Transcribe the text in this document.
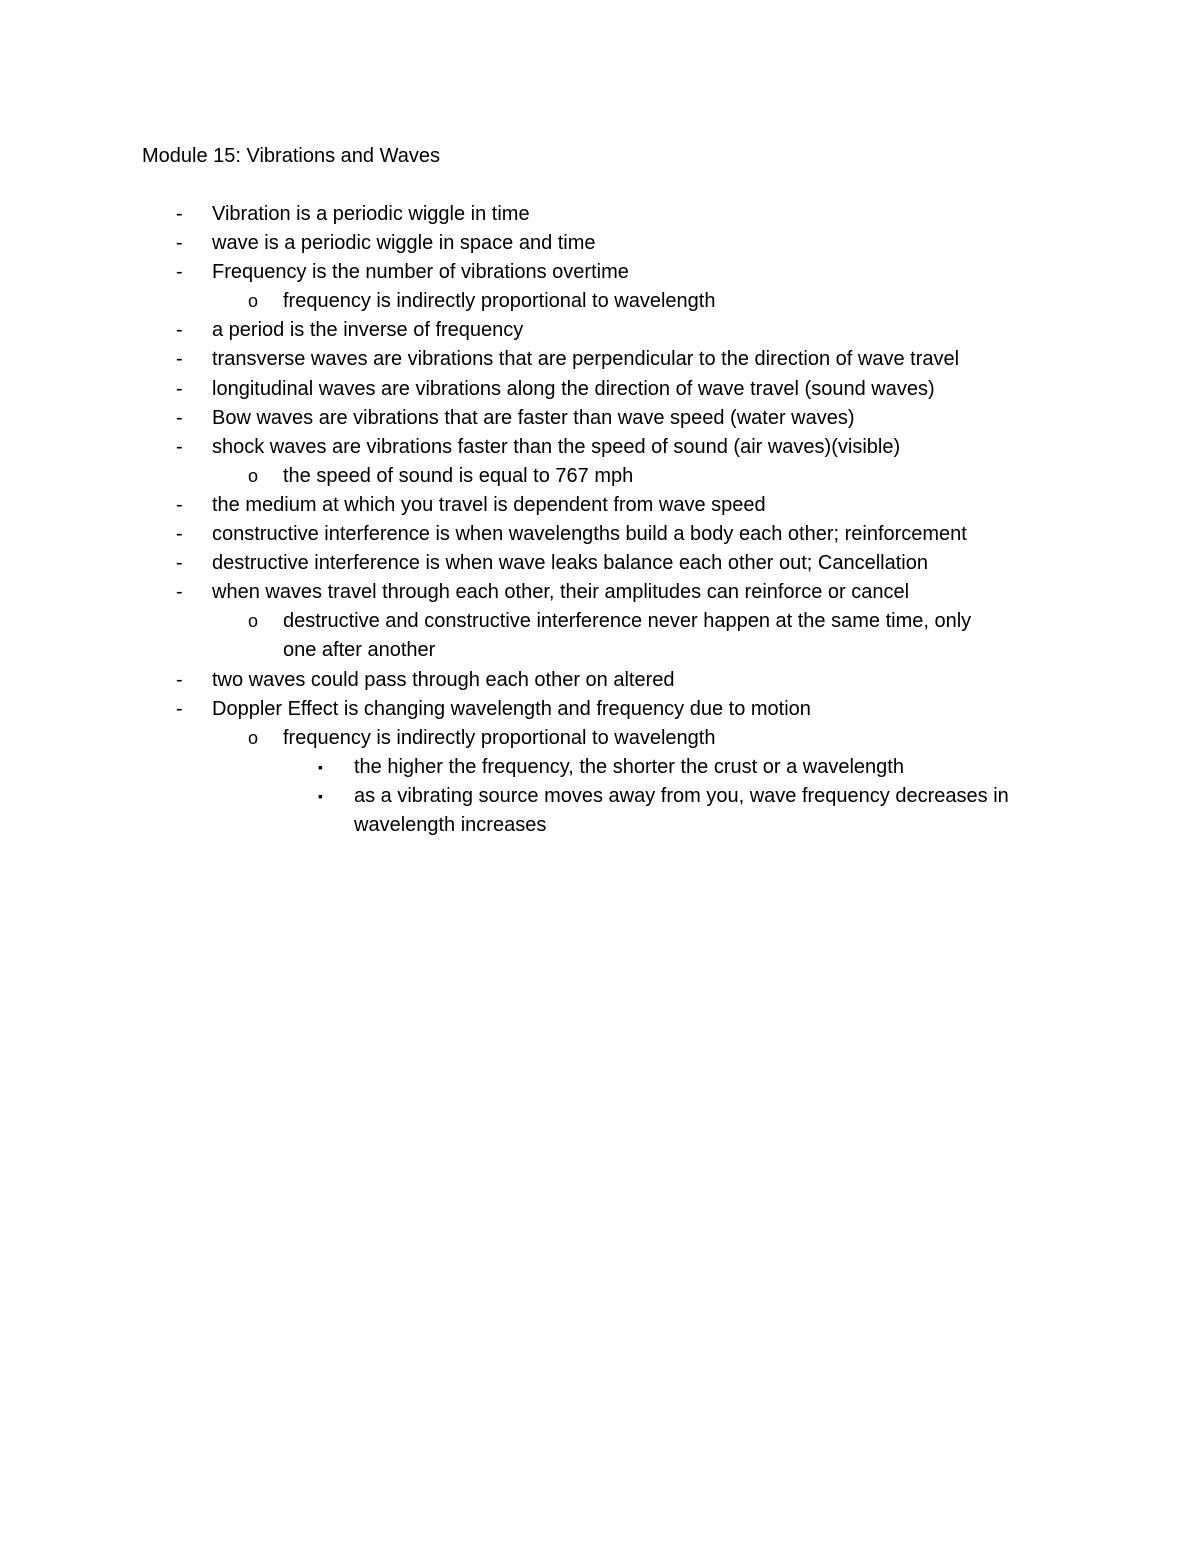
Module 15: Vibrations and Waves
-	Vibration is a periodic wiggle in time
-	wave is a periodic wiggle in space and time
-	Frequency is the number of vibrations overtime
o	frequency is indirectly proportional to wavelength
-	a period is the inverse of frequency
-	transverse waves are vibrations that are perpendicular to the direction of wave travel
-	longitudinal waves are vibrations along the direction of wave travel (sound waves)
-	Bow waves are vibrations that are faster than wave speed (water waves)
-	shock waves are vibrations faster than the speed of sound (air waves)(visible)
o	the speed of sound is equal to 767 mph
-	the medium at which you travel is dependent from wave speed
-	constructive interference is when wavelengths build a body each other; reinforcement
-	destructive interference is when wave leaks balance each other out; Cancellation
-	when waves travel through each other, their amplitudes can reinforce or cancel
o	destructive and constructive interference never happen at the same time, only
one after another
-	two waves could pass through each other on altered
-	Doppler Effect is changing wavelength and frequency due to motion
o	frequency is indirectly proportional to wavelength
▪	the higher the frequency, the shorter the crust or a wavelength
▪	as a vibrating source moves away from you, wave frequency decreases in
wavelength increases
